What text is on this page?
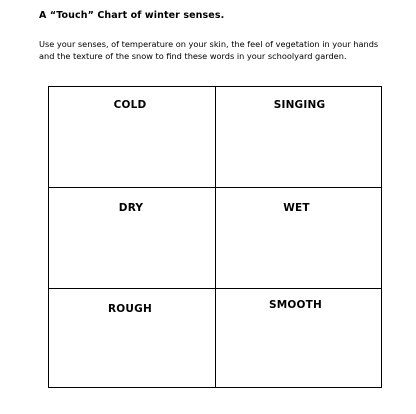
A “Touch” Chart of winter senses.
Use your senses, of temperature on your skin, the feel of vegetation in your hands and the texture of the snow to find these words in your schoolyard garden.
COLD	SINGING
DRY	WET
ROUGH	SMOOTH
